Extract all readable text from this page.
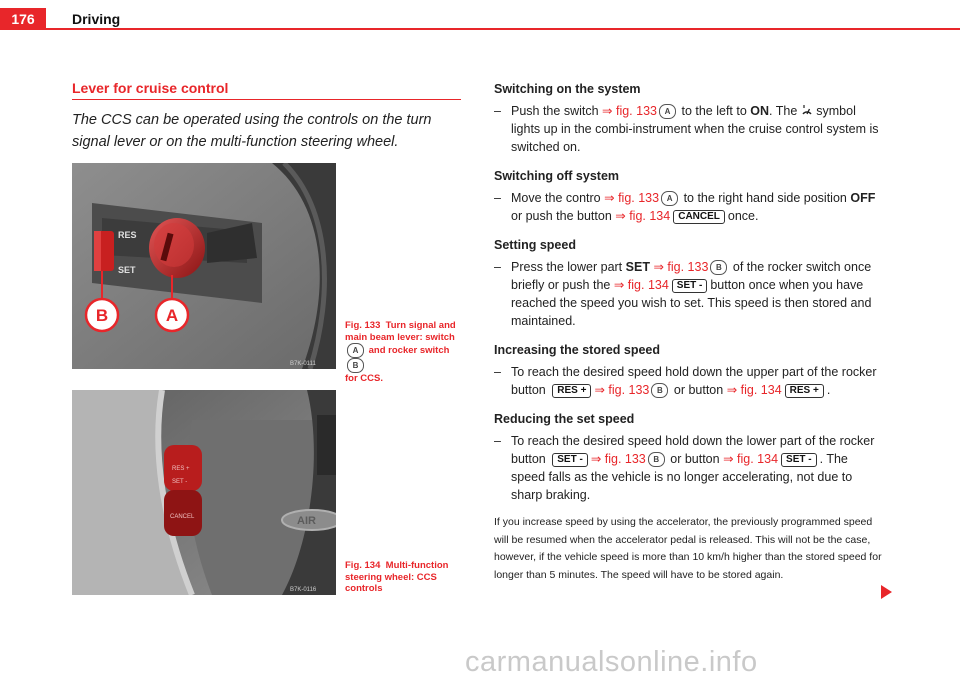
176	Driving
Lever for cruise control
The CCS can be operated using the controls on the turn signal lever or on the multi-function steering wheel.
RES
SET
B	A
B7K-0111
Fig. 133 Turn signal and main beam lever: switch
A and rocker switch B
for CCS.
RES +
SET -
CANCEL	AIR
B7K-0116
Fig. 134 Multi-function steering wheel: CCS controls

Switching on the system

– Push the switch ⇒ fig. 133 A to the left to ON. The symbol lights up in the combi-instrument when the cruise control system is switched on.

Switching off system

– Move the contro ⇒ fig. 133 A to the right hand side position OFF or push the button ⇒ fig. 134 CANCEL once.

Setting speed

– Press the lower part SET ⇒ fig. 133 B of the rocker switch once briefly or push the ⇒ fig. 134 SET - button once when you have reached the speed you wish to set. This speed is then stored and maintained.

Increasing the stored speed

– To reach the desired speed hold down the upper part of the rocker button RES + ⇒ fig. 133 B or button ⇒ fig. 134 RES + .

Reducing the set speed

– To reach the desired speed hold down the lower part of the rocker button SET - ⇒ fig. 133 B or button ⇒ fig. 134 SET - . The speed falls as the vehicle is no longer accelerating, not due to sharp braking.

If you increase speed by using the accelerator, the previously programmed speed will be resumed when the accelerator pedal is released. This will not be the case, however, if the vehicle speed is more than 10 km/h higher than the stored speed for longer than 5 minutes. The speed will have to be stored again.

carmanualsonline.info
